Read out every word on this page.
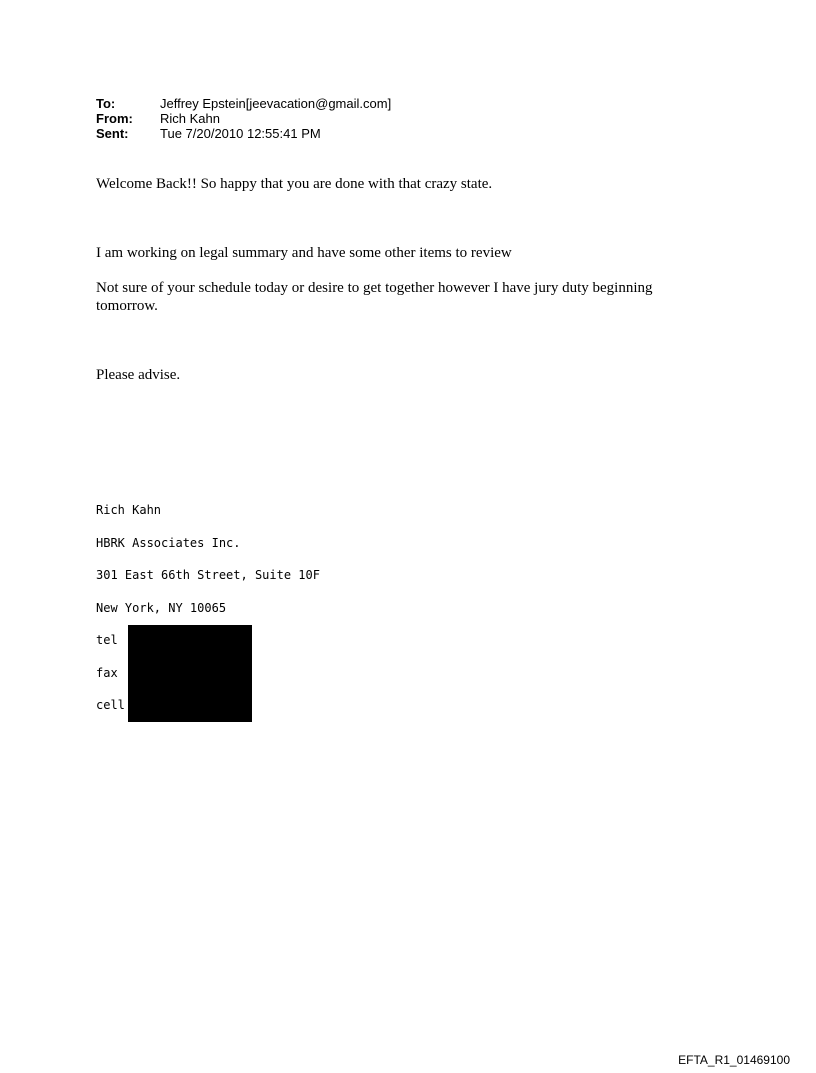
To:	Jeffrey Epstein[jeevacation@gmail.com]
From:	Rich Kahn
Sent:	Tue 7/20/2010 12:55:41 PM
Welcome Back!! So happy that you are done with that crazy state.
I am working on legal summary and have some other items to review
Not sure of your schedule today or desire to get together however I have jury duty beginning tomorrow.
Please advise.
Rich Kahn
HBRK Associates Inc.
301 East 66th Street, Suite 10F
New York, NY 10065
tel
fax
cell
EFTA_R1_01469100
